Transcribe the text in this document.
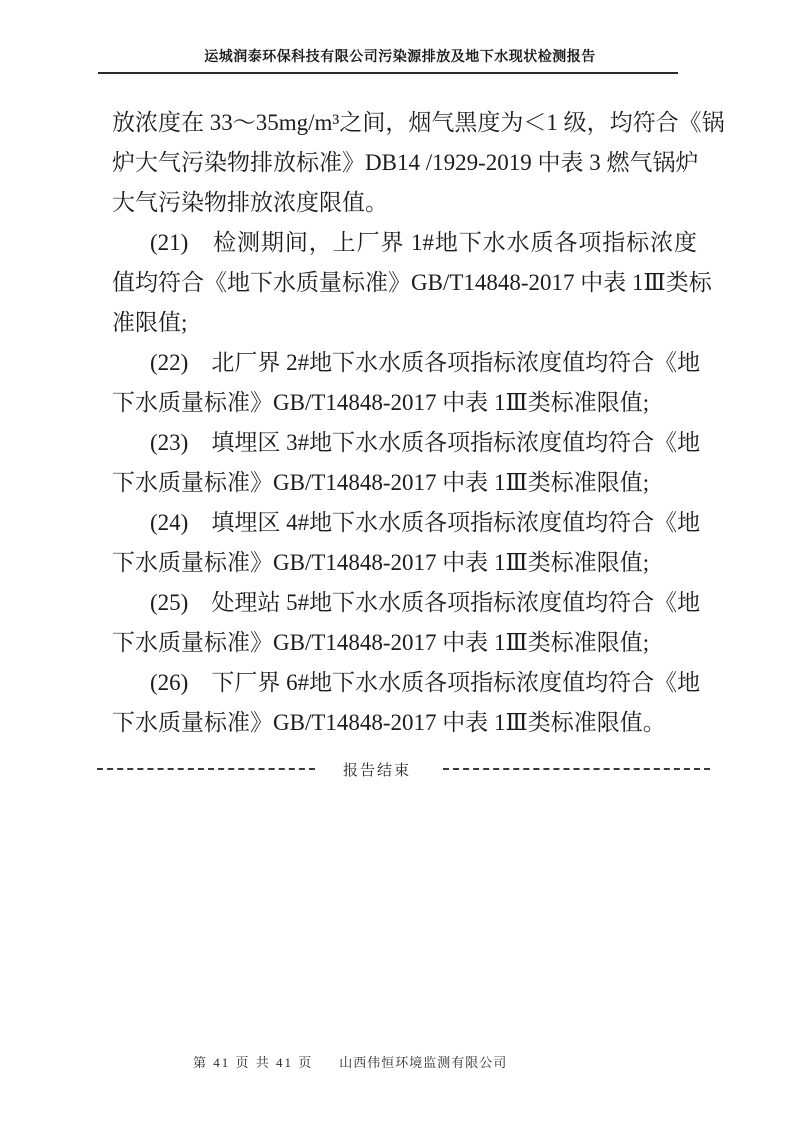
运城润泰环保科技有限公司污染源排放及地下水现状检测报告

放浓度在 33～35mg/m³之间，烟气黑度为＜1 级，均符合《锅
炉大气污染物排放标准》DB14 /1929-2019 中表 3 燃气锅炉
大气污染物排放浓度限值。

(21)　检测期间，上厂界 1#地下水水质各项指标浓度
值均符合《地下水质量标准》GB/T14848-2017 中表 1Ⅲ类标
准限值;

(22)　北厂界 2#地下水水质各项指标浓度值均符合《地
下水质量标准》GB/T14848-2017 中表 1Ⅲ类标准限值;

(23)　填埋区 3#地下水水质各项指标浓度值均符合《地
下水质量标准》GB/T14848-2017 中表 1Ⅲ类标准限值;

(24)　填埋区 4#地下水水质各项指标浓度值均符合《地
下水质量标准》GB/T14848-2017 中表 1Ⅲ类标准限值;

(25)　处理站 5#地下水水质各项指标浓度值均符合《地
下水质量标准》GB/T14848-2017 中表 1Ⅲ类标准限值;

(26)　下厂界 6#地下水水质各项指标浓度值均符合《地
下水质量标准》GB/T14848-2017 中表 1Ⅲ类标准限值。

报告结束
第 41 页 共 41 页 山西伟恒环境监测有限公司
